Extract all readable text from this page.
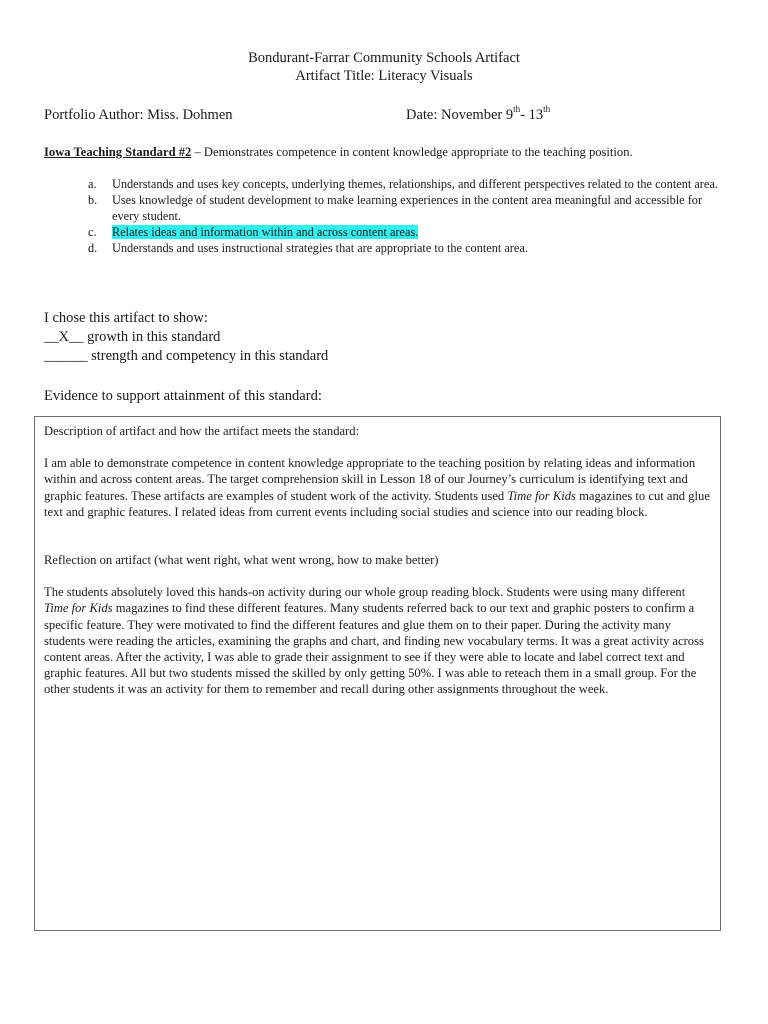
Bondurant-Farrar Community Schools Artifact
Artifact Title: Literacy Visuals
Portfolio Author: Miss. Dohmen	Date: November 9th- 13th
Iowa Teaching Standard #2 – Demonstrates competence in content knowledge appropriate to the teaching position.
a. Understands and uses key concepts, underlying themes, relationships, and different perspectives related to the content area.
b. Uses knowledge of student development to make learning experiences in the content area meaningful and accessible for every student.
c. Relates ideas and information within and across content areas.
d. Understands and uses instructional strategies that are appropriate to the content area.
I chose this artifact to show:
__X__ growth in this standard
______ strength and competency in this standard
Evidence to support attainment of this standard:

Description of artifact and how the artifact meets the standard:

I am able to demonstrate competence in content knowledge appropriate to the teaching position by relating ideas and information within and across content areas. The target comprehension skill in Lesson 18 of our Journey’s curriculum is identifying text and graphic features. These artifacts are examples of student work of the activity. Students used Time for Kids magazines to cut and glue text and graphic features. I related ideas from current events including social studies and science into our reading block.

Reflection on artifact (what went right, what went wrong, how to make better)

The students absolutely loved this hands-on activity during our whole group reading block. Students were using many different Time for Kids magazines to find these different features. Many students referred back to our text and graphic posters to confirm a specific feature. They were motivated to find the different features and glue them on to their paper. During the activity many students were reading the articles, examining the graphs and chart, and finding new vocabulary terms. It was a great activity across content areas. After the activity, I was able to grade their assignment to see if they were able to locate and label correct text and graphic features. All but two students missed the skilled by only getting 50%. I was able to reteach them in a small group. For the other students it was an activity for them to remember and recall during other assignments throughout the week.
